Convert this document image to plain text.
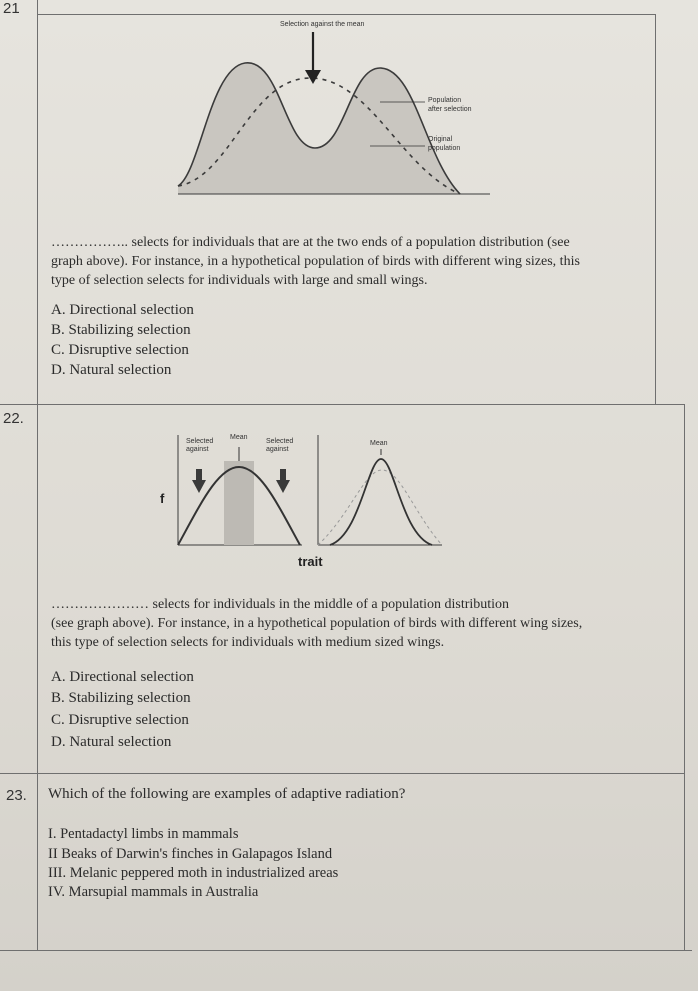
21
Selection against the mean
Population
after selection
Original
population
…………….. selects for individuals that are at the two ends of a population distribution (see
graph above). For instance, in a hypothetical population of birds with different wing sizes, this
type of selection selects for individuals with large and small wings.
A. Directional selection
B. Stabilizing selection
C. Disruptive selection
D. Natural selection
22.
Selected
against
Mean
Selected
against
f
Mean
trait
………………… selects for individuals in the middle of a population distribution
(see graph above). For instance, in a hypothetical population of birds with different wing sizes,
this type of selection selects for individuals with medium sized wings.
A. Directional selection
B. Stabilizing selection
C. Disruptive selection
D. Natural selection
23. Which of the following are examples of adaptive radiation?
I. Pentadactyl limbs in mammals
II Beaks of Darwin's finches in Galapagos Island
III. Melanic peppered moth in industrialized areas
IV. Marsupial mammals in Australia
